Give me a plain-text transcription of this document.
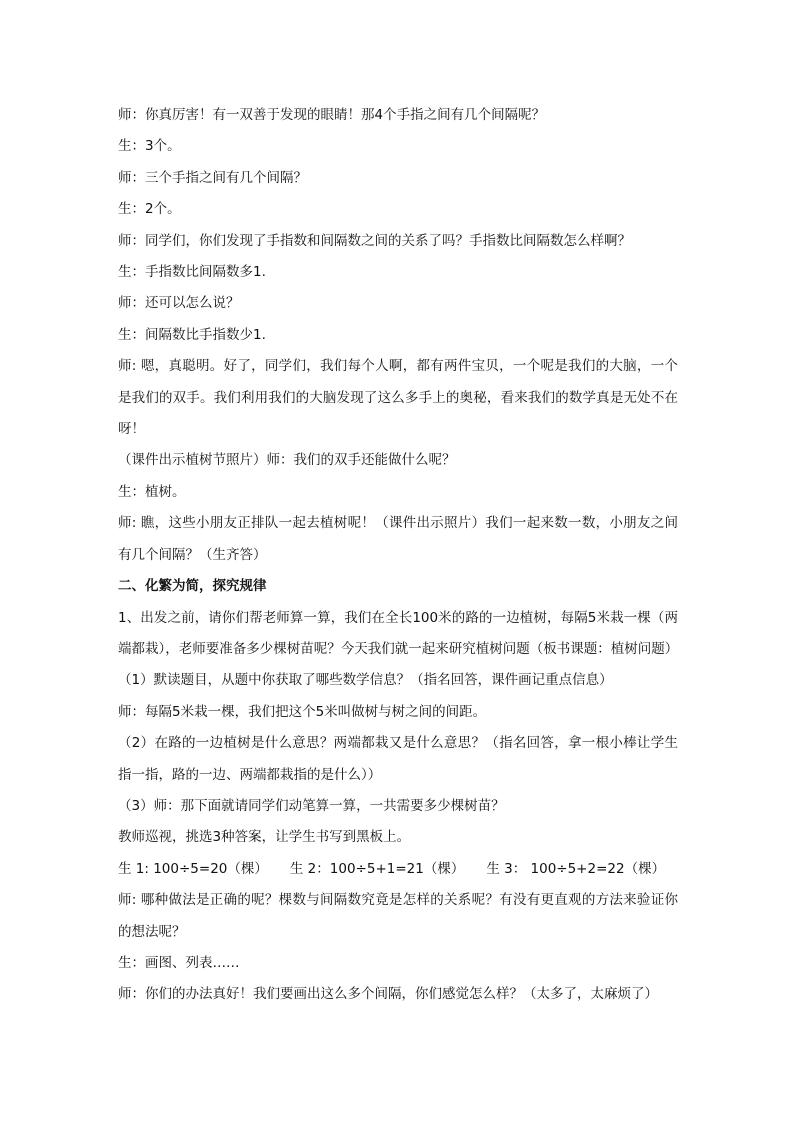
师：你真厉害！有一双善于发现的眼睛！那4个手指之间有几个间隔呢？

生：3个。

师：三个手指之间有几个间隔？

生：2个。

师：同学们，你们发现了手指数和间隔数之间的关系了吗？手指数比间隔数怎么样啊？

生：手指数比间隔数多1.

师：还可以怎么说？

生：间隔数比手指数少1.

师: 嗯，真聪明。好了，同学们，我们每个人啊，都有两件宝贝，一个呢是我们的大脑，一个是我们的双手。我们利用我们的大脑发现了这么多手上的奥秘，看来我们的数学真是无处不在呀！

（课件出示植树节照片）师：我们的双手还能做什么呢？

生：植树。

师: 瞧，这些小朋友正排队一起去植树呢！（课件出示照片）我们一起来数一数，小朋友之间有几个间隔？（生齐答）

二、化繁为简，探究规律

1、出发之前，请你们帮老师算一算，我们在全长100米的路的一边植树，每隔5米栽一棵（两端都栽），老师要准备多少棵树苗呢？今天我们就一起来研究植树问题（板书课题：植树问题）

（1）默读题目，从题中你获取了哪些数学信息？（指名回答，课件画记重点信息）

师：每隔5米栽一棵，我们把这个5米叫做树与树之间的间距。

（2）在路的一边植树是什么意思？两端都栽又是什么意思？（指名回答，拿一根小棒让学生指一指，路的一边、两端都栽指的是什么））

（3）师：那下面就请同学们动笔算一算，一共需要多少棵树苗？

教师巡视，挑选3种答案，让学生书写到黑板上。

生 1: 100÷5=20（棵） 生 2：100÷5+1=21（棵） 生 3： 100÷5+2=22（棵）

师: 哪种做法是正确的呢？棵数与间隔数究竟是怎样的关系呢？有没有更直观的方法来验证你的想法呢？

生：画图、列表……

师：你们的办法真好！我们要画出这么多个间隔，你们感觉怎么样？（太多了，太麻烦了）
